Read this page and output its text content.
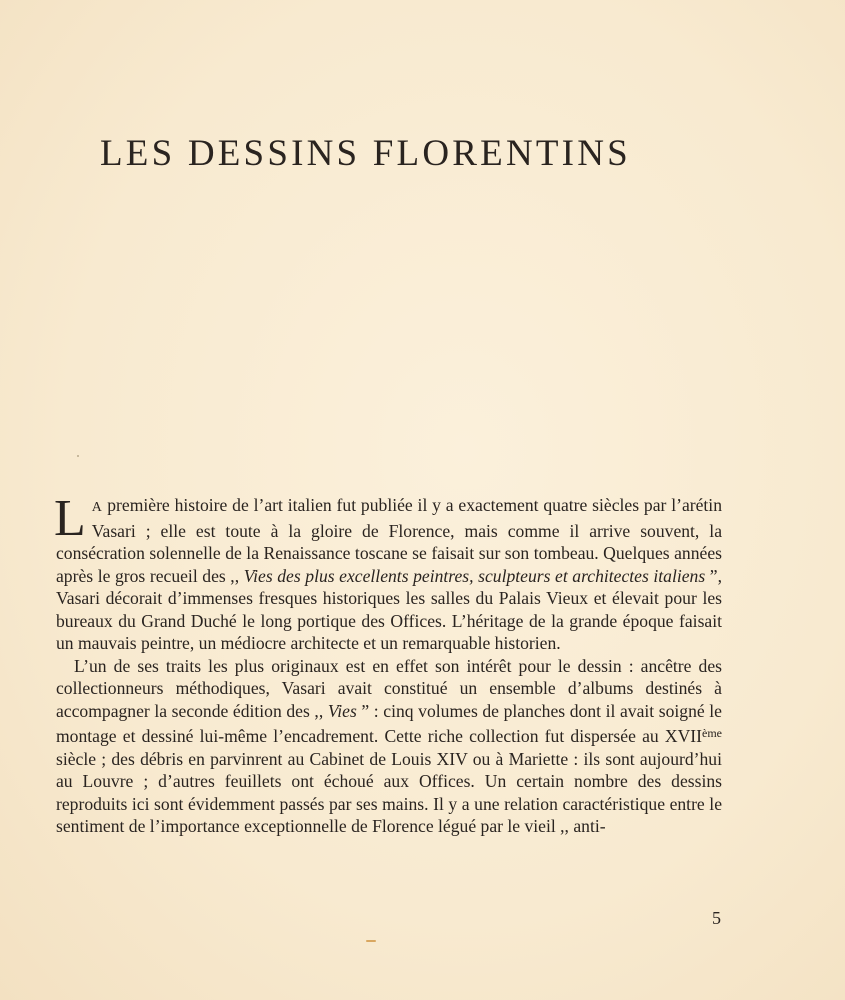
LES DESSINS FLORENTINS

L A première histoire de l’art italien fut publiée il y a exactement quatre siècles par l’arétin Vasari ; elle est toute à la gloire de Florence, mais comme il arrive souvent, la consécration solennelle de la Renaissance toscane se faisait sur son tombeau. Quelques années après le gros recueil des ,, Vies des plus excellents peintres, sculpteurs et architectes italiens ”, Vasari décorait d’immenses fresques historiques les salles du Palais Vieux et élevait pour les bureaux du Grand Duché le long portique des Offices. L’héritage de la grande époque faisait un mauvais peintre, un médiocre architecte et un remarquable historien.

L’un de ses traits les plus originaux est en effet son intérêt pour le dessin : ancêtre des collectionneurs méthodiques, Vasari avait constitué un ensemble d’albums destinés à accompagner la seconde édition des ,, Vies ” : cinq volumes de planches dont il avait soigné le montage et dessiné lui-même l’encadrement. Cette riche collection fut dispersée au XVIIème siècle ; des débris en parvinrent au Cabinet de Louis XIV ou à Mariette : ils sont aujourd’hui au Louvre ; d’autres feuillets ont échoué aux Offices. Un certain nombre des dessins reproduits ici sont évidemment passés par ses mains. Il y a une relation caractéristique entre le sentiment de l’importance exceptionnelle de Florence légué par le vieil ,, anti-

5
